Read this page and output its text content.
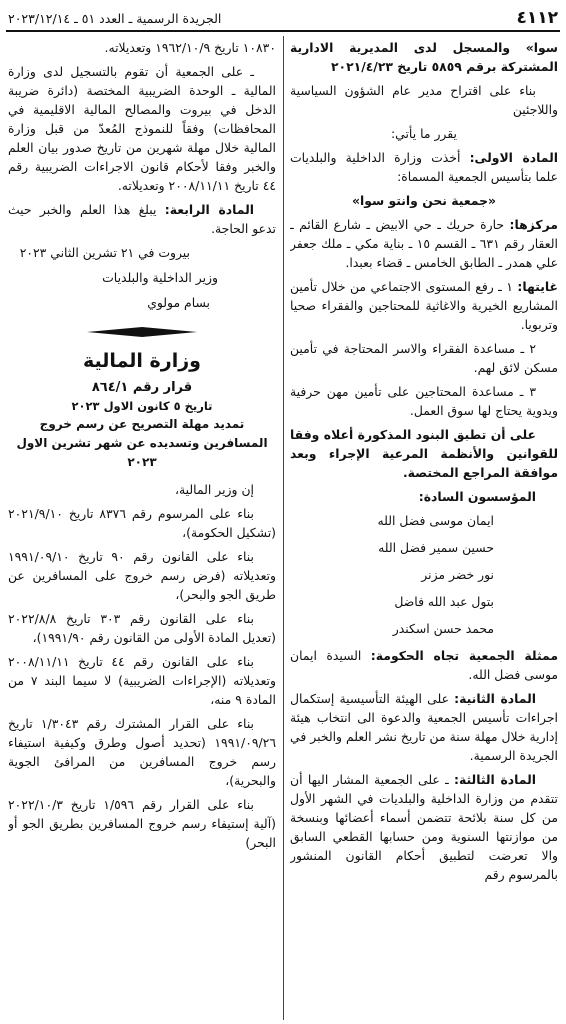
٤١١٢
الجريدة الرسمية ـ العدد ٥١ ـ ٢٠٢٣/١٢/١٤

سوا» والمسجل لدى المديرية الادارية المشتركة برقم ٥٨٥٩ تاريخ ٢٠٢١/٤/٢٣

بناء على اقتراح مدير عام الشؤون السياسية واللاجئين

يقرر ما يأتي:

المادة الاولى: أخذت وزارة الداخلية والبلديات علما بتأسيس الجمعية المسماة:

«جمعية نحن وانتو سوا»

مركزها: حارة حريك ـ حي الابيض ـ شارع القائم ـ العقار رقم ٦٣١ ـ القسم ١٥ ـ بناية مكي ـ ملك جعفر علي همدر ـ الطابق الخامس ـ قضاء بعبدا.

غايتها: ١ ـ رفع المستوى الاجتماعي من خلال تأمين المشاريع الخيرية والاغاثية للمحتاجين والفقراء صحيا وتربويا.

٢ ـ مساعدة الفقراء والاسر المحتاجة في تأمين مسكن لائق لهم.

٣ ـ مساعدة المحتاجين على تأمين مهن حرفية ويدوية يحتاج لها سوق العمل.

على أن تطبق البنود المذكورة أعلاه وفقا للقوانين والأنظمة المرعية الإجراء وبعد موافقة المراجع المختصة.

المؤسسون السادة:

ايمان موسى فضل الله
حسين سمير فضل الله
نور خضر مزنر
بتول عبد الله فاضل
محمد حسن اسكندر

ممثلة الجمعية تجاه الحكومة: السيدة ايمان موسى فضل الله.

المادة الثانية: على الهيئة التأسيسية إستكمال اجراءات تأسيس الجمعية والدعوة الى انتخاب هيئة إدارية خلال مهلة سنة من تاريخ نشر العلم والخبر في الجريدة الرسمية.

المادة الثالثة: ـ على الجمعية المشار اليها أن تتقدم من وزارة الداخلية والبلديات في الشهر الأول من كل سنة بلائحة تتضمن أسماء أعضائها وبنسخة من موازنتها السنوية ومن حسابها القطعي السابق والا تعرضت لتطبيق أحكام القانون المنشور بالمرسوم رقم

١٠٨٣٠ تاريخ ١٩٦٢/١٠/٩ وتعديلاته.

ـ على الجمعية أن تقوم بالتسجيل لدى وزارة المالية ـ الوحدة الضريبية المختصة (دائرة ضريبة الدخل في بيروت والمصالح المالية الاقليمية في المحافظات) وفقاً للنموذج المُعدّ من قبل وزارة المالية خلال مهلة شهرين من تاريخ صدور بيان العلم والخبر وفقا لأحكام قانون الاجراءات الضريبية رقم ٤٤ تاريخ ٢٠٠٨/١١/١١ وتعديلاته.

المادة الرابعة: يبلغ هذا العلم والخبر حيث تدعو الحاجة.

بيروت في ٢١ تشرين الثاني ٢٠٢٣
وزير الداخلية والبلديات
بسام مولوي
وزارة المالية
قرار رقم ٨٦٤/١
تاريخ ٥ كانون الاول ٢٠٢٣
تمديد مهلة التصريح عن رسم خروج المسافرين وتسديده عن شهر تشرين الاول ٢٠٢٣

إن وزير المالية،

بناء على المرسوم رقم ٨٣٧٦ تاريخ ٢٠٢١/٩/١٠ (تشكيل الحكومة)،

بناء على القانون رقم ٩٠ تاريخ ١٩٩١/٠٩/١٠ وتعديلاته (فرض رسم خروج على المسافرين عن طريق الجو والبحر)،

بناء على القانون رقم ٣٠٣ تاريخ ٢٠٢٢/٨/٨ (تعديل المادة الأولى من القانون رقم ١٩٩١/٩٠)،

بناء على القانون رقم ٤٤ تاريخ ٢٠٠٨/١١/١١ وتعديلاته (الإجراءات الضريبية) لا سيما البند ٧ من المادة ٩ منه،

بناء على القرار المشترك رقم ١/٣٠٤٣ تاريخ ١٩٩١/٠٩/٢٦ (تحديد أصول وطرق وكيفية استيفاء رسم خروج المسافرين من المرافئ الجوية والبحرية)،

بناء على القرار رقم ١/٥٩٦ تاريخ ٢٠٢٢/١٠/٣ (آلية إستيفاء رسم خروج المسافرين بطريق الجو أو البحر)
